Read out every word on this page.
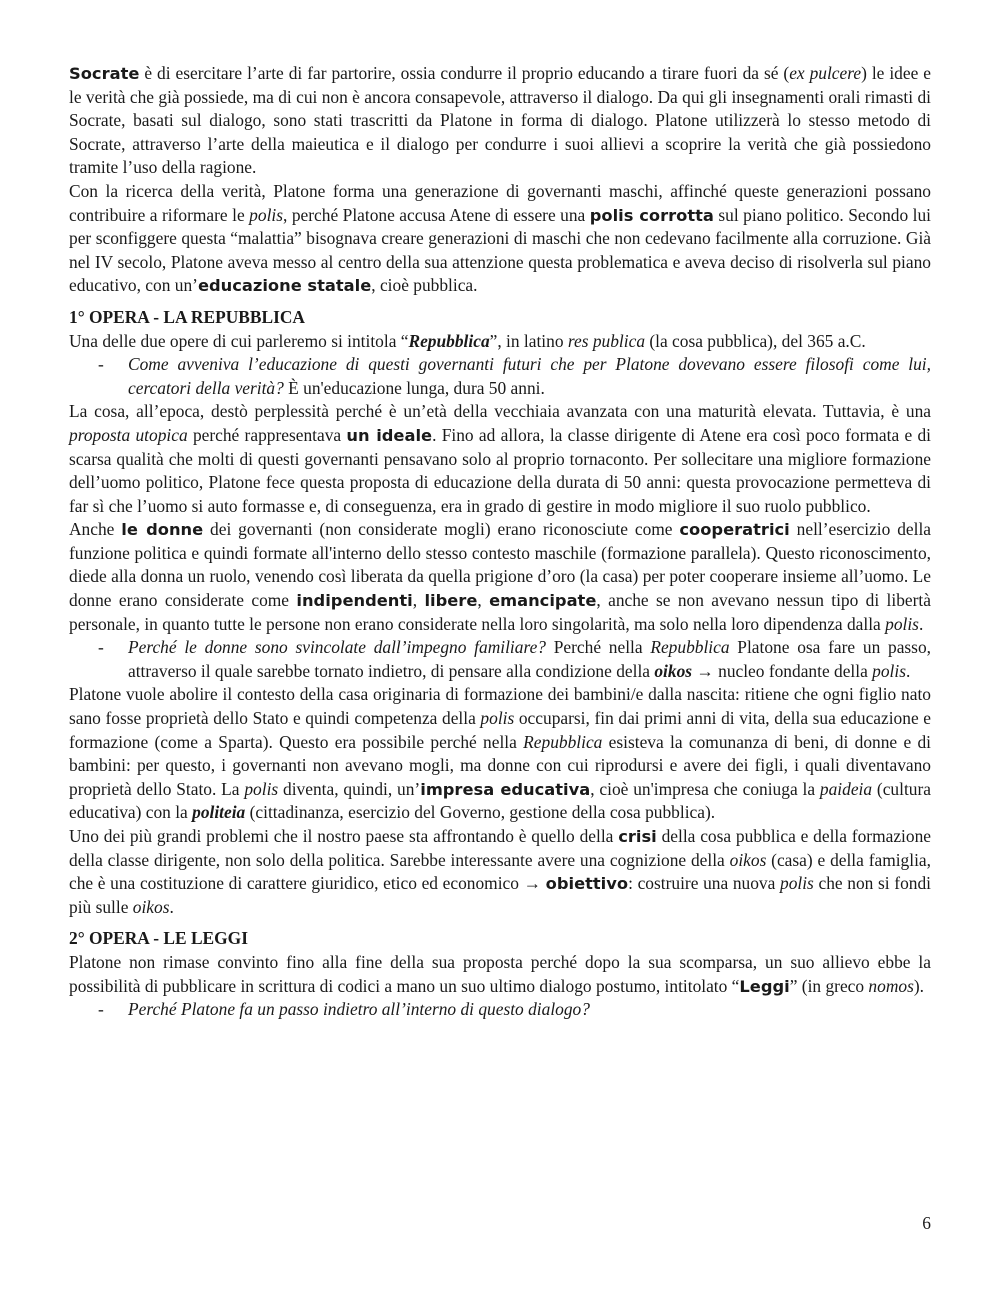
Socrate è di esercitare l’arte di far partorire, ossia condurre il proprio educando a tirare fuori da sé (ex pulcere) le idee e le verità che già possiede, ma di cui non è ancora consapevole, attraverso il dialogo. Da qui gli insegnamenti orali rimasti di Socrate, basati sul dialogo, sono stati trascritti da Platone in forma di dialogo. Platone utilizzerà lo stesso metodo di Socrate, attraverso l’arte della maieutica e il dialogo per condurre i suoi allievi a scoprire la verità che già possiedono tramite l’uso della ragione.

Con la ricerca della verità, Platone forma una generazione di governanti maschi, affinché queste generazioni possano contribuire a riformare le polis, perché Platone accusa Atene di essere una polis corrotta sul piano politico. Secondo lui per sconfiggere questa “malattia” bisognava creare generazioni di maschi che non cedevano facilmente alla corruzione. Già nel IV secolo, Platone aveva messo al centro della sua attenzione questa problematica e aveva deciso di risolverla sul piano educativo, con un’educazione statale, cioè pubblica.

1° OPERA - LA REPUBBLICA

Una delle due opere di cui parleremo si intitola “Repubblica”, in latino res publica (la cosa pubblica), del 365 a.C.

-	Come avveniva l’educazione di questi governanti futuri che per Platone dovevano essere filosofi come lui, cercatori della verità? È un'educazione lunga, dura 50 anni.

La cosa, all’epoca, destò perplessità perché è un’età della vecchiaia avanzata con una maturità elevata. Tuttavia, è una proposta utopica perché rappresentava un ideale. Fino ad allora, la classe dirigente di Atene era così poco formata e di scarsa qualità che molti di questi governanti pensavano solo al proprio tornaconto. Per sollecitare una migliore formazione dell’uomo politico, Platone fece questa proposta di educazione della durata di 50 anni: questa provocazione permetteva di far sì che l’uomo si auto formasse e, di conseguenza, era in grado di gestire in modo migliore il suo ruolo pubblico.

Anche le donne dei governanti (non considerate mogli) erano riconosciute come cooperatrici nell’esercizio della funzione politica e quindi formate all'interno dello stesso contesto maschile (formazione parallela). Questo riconoscimento, diede alla donna un ruolo, venendo così liberata da quella prigione d’oro (la casa) per poter cooperare insieme all’uomo. Le donne erano considerate come indipendenti, libere, emancipate, anche se non avevano nessun tipo di libertà personale, in quanto tutte le persone non erano considerate nella loro singolarità, ma solo nella loro dipendenza dalla polis.

-	Perché le donne sono svincolate dall’impegno familiare? Perché nella Repubblica Platone osa fare un passo, attraverso il quale sarebbe tornato indietro, di pensare alla condizione della oikos → nucleo fondante della polis.

Platone vuole abolire il contesto della casa originaria di formazione dei bambini/e dalla nascita: ritiene che ogni figlio nato sano fosse proprietà dello Stato e quindi competenza della polis occuparsi, fin dai primi anni di vita, della sua educazione e formazione (come a Sparta). Questo era possibile perché nella Repubblica esisteva la comunanza di beni, di donne e di bambini: per questo, i governanti non avevano mogli, ma donne con cui riprodursi e avere dei figli, i quali diventavano proprietà dello Stato. La polis diventa, quindi, un’impresa educativa, cioè un'impresa che coniuga la paideia (cultura educativa) con la politeia (cittadinanza, esercizio del Governo, gestione della cosa pubblica).

Uno dei più grandi problemi che il nostro paese sta affrontando è quello della crisi della cosa pubblica e della formazione della classe dirigente, non solo della politica. Sarebbe interessante avere una cognizione della oikos (casa) e della famiglia, che è una costituzione di carattere giuridico, etico ed economico → obiettivo: costruire una nuova polis che non si fondi più sulle oikos.

2° OPERA - LE LEGGI

Platone non rimase convinto fino alla fine della sua proposta perché dopo la sua scomparsa, un suo allievo ebbe la possibilità di pubblicare in scrittura di codici a mano un suo ultimo dialogo postumo, intitolato “Leggi” (in greco nomos).

-	Perché Platone fa un passo indietro all’interno di questo dialogo?
6
